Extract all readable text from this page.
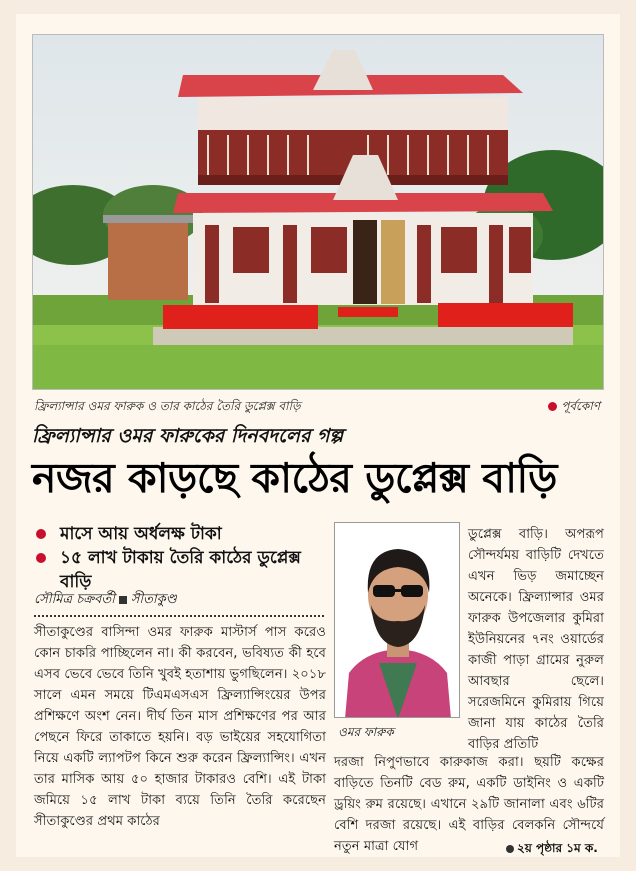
ফ্রিল্যান্সার ওমর ফারুক ও তার কাঠের তৈরি ডুপ্লেক্স বাড়ি	পূর্বকোণ
ফ্রিল্যান্সার ওমর ফারুকের দিনবদলের গল্প
নজর কাড়ছে কাঠের ডুপ্লেক্স বাড়ি
মাসে আয় অর্ধলক্ষ টাকা
১৫ লাখ টাকায় তৈরি কাঠের ডুপ্লেক্স বাড়ি
সৌমিত্র চক্রবর্তী সীতাকুণ্ড
সীতাকুণ্ডের বাসিন্দা ওমর ফারুক মাস্টার্স পাস করেও কোন চাকরি পাচ্ছিলেন না। কী করবেন, ভবিষ্যত কী হবে এসব ভেবে ভেবে তিনি খুবই হতাশায় ভুগছিলেন। ২০১৮ সালে এমন সময়ে টিএমএসএস ফ্রিল্যান্সিংয়ের উপর প্রশিক্ষণে অংশ নেন। দীর্ঘ তিন মাস প্রশিক্ষণের পর আর পেছনে ফিরে তাকাতে হয়নি। বড় ভাইয়ের সহযোগিতা নিয়ে একটি ল্যাপটপ কিনে শুরু করেন ফ্রিল্যান্সিং। এখন তার মাসিক আয় ৫০ হাজার টাকারও বেশি। এই টাকা জমিয়ে ১৫ লাখ টাকা ব্যয়ে তিনি তৈরি করেছেন সীতাকুণ্ডের প্রথম কাঠের
ওমর ফারুক
ডুপ্লেক্স বাড়ি। অপরূপ সৌন্দর্যময় বাড়িটি দেখতে এখন ভিড় জমাচ্ছেন অনেকে। ফ্রিল্যান্সার ওমর ফারুক উপজেলার কুমিরা ইউনিয়নের ৭নং ওয়ার্ডের কাজী পাড়া গ্রামের নুরুল আবছার ছেলে। সরেজমিনে কুমিরায় গিয়ে জানা যায় কাঠের তৈরি বাড়ির প্রতিটি
দরজা নিপুণভাবে কারুকাজ করা। ছয়টি কক্ষের বাড়িতে তিনটি বেড রুম, একটি ডাইনিং ও একটি ড্রয়িং রুম রয়েছে। এখানে ২৯টি জানালা এবং ৬টির বেশি দরজা রয়েছে। এই বাড়ির বেলকনি সৌন্দর্যে নতুন মাত্রা যোগ	২য় পৃষ্ঠার ১ম ক.
